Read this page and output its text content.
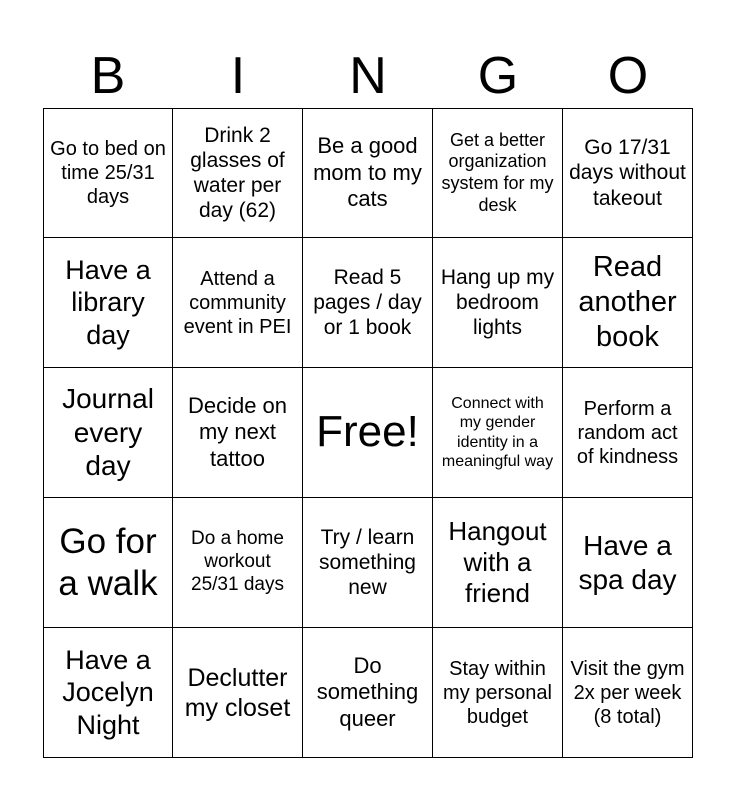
B	I	N	G	O
Go to bed on time 25/31 days
Drink 2 glasses of water per day (62)
Be a good mom to my cats
Get a better organization system for my desk
Go 17/31 days without takeout
Have a library day
Attend a community event in PEI
Read 5 pages / day or 1 book
Hang up my bedroom lights
Read another book
Journal every day
Decide on my next tattoo
Free!
Connect with my gender identity in a meaningful way
Perform a random act of kindness
Go for a walk
Do a home workout 25/31 days
Try / learn something new
Hangout with a friend
Have a spa day
Have a Jocelyn Night
Declutter my closet
Do something queer
Stay within my personal budget
Visit the gym 2x per week (8 total)
